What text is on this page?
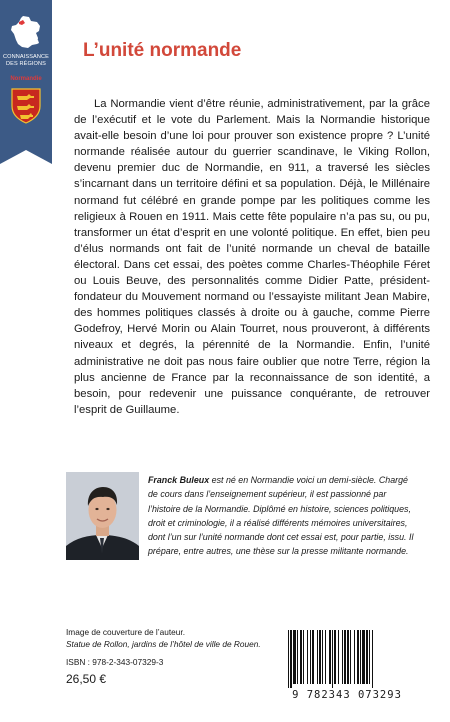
CONNAISSANCE DES RÉGIONS
Normandie
L’unité normande

La Normandie vient d’être réunie, administrativement, par la grâce de l’exécutif et le vote du Parlement. Mais la Normandie historique avait-elle besoin d’une loi pour prouver son existence propre ? L’unité normande réalisée autour du guerrier scandinave, le Viking Rollon, devenu premier duc de Normandie, en 911, a traversé les siècles s’incarnant dans un territoire défini et sa population. Déjà, le Millénaire normand fut célébré en grande pompe par les politiques comme les religieux à Rouen en 1911. Mais cette fête populaire n’a pas su, ou pu, transformer un état d’esprit en une volonté politique. En effet, bien peu d’élus normands ont fait de l’unité normande un cheval de bataille électoral. Dans cet essai, des poètes comme Charles-Théophile Féret ou Louis Beuve, des personnalités comme Didier Patte, président-fondateur du Mouvement normand ou l’essayiste militant Jean Mabire, des hommes politiques classés à droite ou à gauche, comme Pierre Godefroy, Hervé Morin ou Alain Tourret, nous prouveront, à différents niveaux et degrés, la pérennité de la Normandie. Enfin, l’unité administrative ne doit pas nous faire oublier que notre Terre, région la plus ancienne de France par la reconnaissance de son identité, a besoin, pour redevenir une puissance conquérante, de retrouver l’esprit de Guillaume.

Franck Buleux est né en Normandie voici un demi-siècle. Chargé de cours dans l’enseignement supérieur, il est passionné par l’histoire de la Normandie. Diplômé en histoire, sciences politiques, droit et criminologie, il a réalisé différents mémoires universitaires, dont l’un sur l’unité normande dont cet essai est, pour partie, issu. Il prépare, entre autres, une thèse sur la presse militante normande.

Image de couverture de l’auteur.
Statue de Rollon, jardins de l’hôtel de ville de Rouen.
ISBN : 978-2-343-07329-3
26,50 €
9 782343 073293
